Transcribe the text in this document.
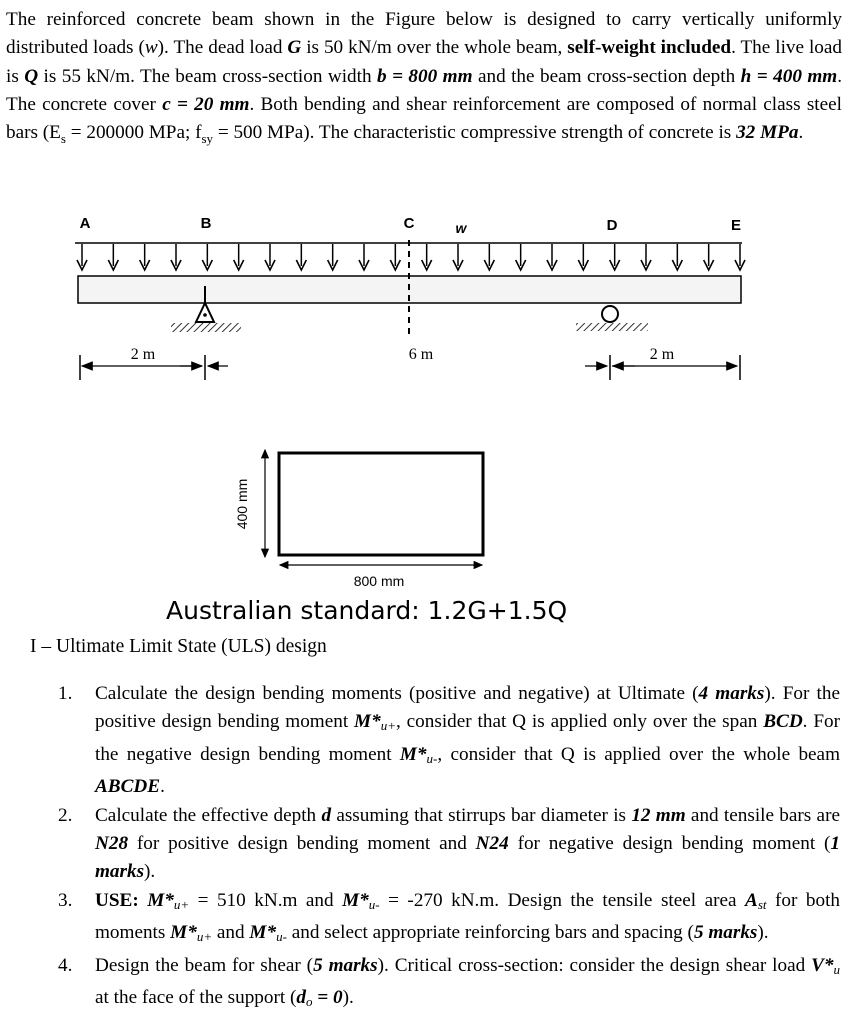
The reinforced concrete beam shown in the Figure below is designed to carry vertically uniformly distributed loads (w). The dead load G is 50 kN/m over the whole beam, self-weight included. The live load is Q is 55 kN/m. The beam cross-section width b = 800 mm and the beam cross-section depth h = 400 mm. The concrete cover c = 20 mm. Both bending and shear reinforcement are composed of normal class steel bars ($E_s = 200000$ MPa; $f_{sy} = 500$ MPa). The characteristic compressive strength of concrete is 32 MPa.
A	B	C	w	D	E
2 m	6 m	2 m
400 mm
800 mm
Australian standard: 1.2G+1.5Q
I – Ultimate Limit State (ULS) design
1. Calculate the design bending moments (positive and negative) at Ultimate (4 marks). For the positive design bending moment $M*_{u+}$, consider that Q is applied only over the span BCD. For the negative design bending moment $M*_{u-}$, consider that Q is applied over the whole beam ABCDE.
2. Calculate the effective depth d assuming that stirrups bar diameter is 12 mm and tensile bars are N28 for positive design bending moment and N24 for negative design bending moment (1 marks).
3. USE: $M*_{u+} = 510$ kN.m and $M*_{u-} = -270$ kN.m. Design the tensile steel area $A_{st}$ for both moments $M*_{u+}$ and $M*_{u-}$ and select appropriate reinforcing bars and spacing (5 marks).
4. Design the beam for shear (5 marks). Critical cross-section: consider the design shear load $V*_u$ at the face of the support $(d_o = 0)$.
